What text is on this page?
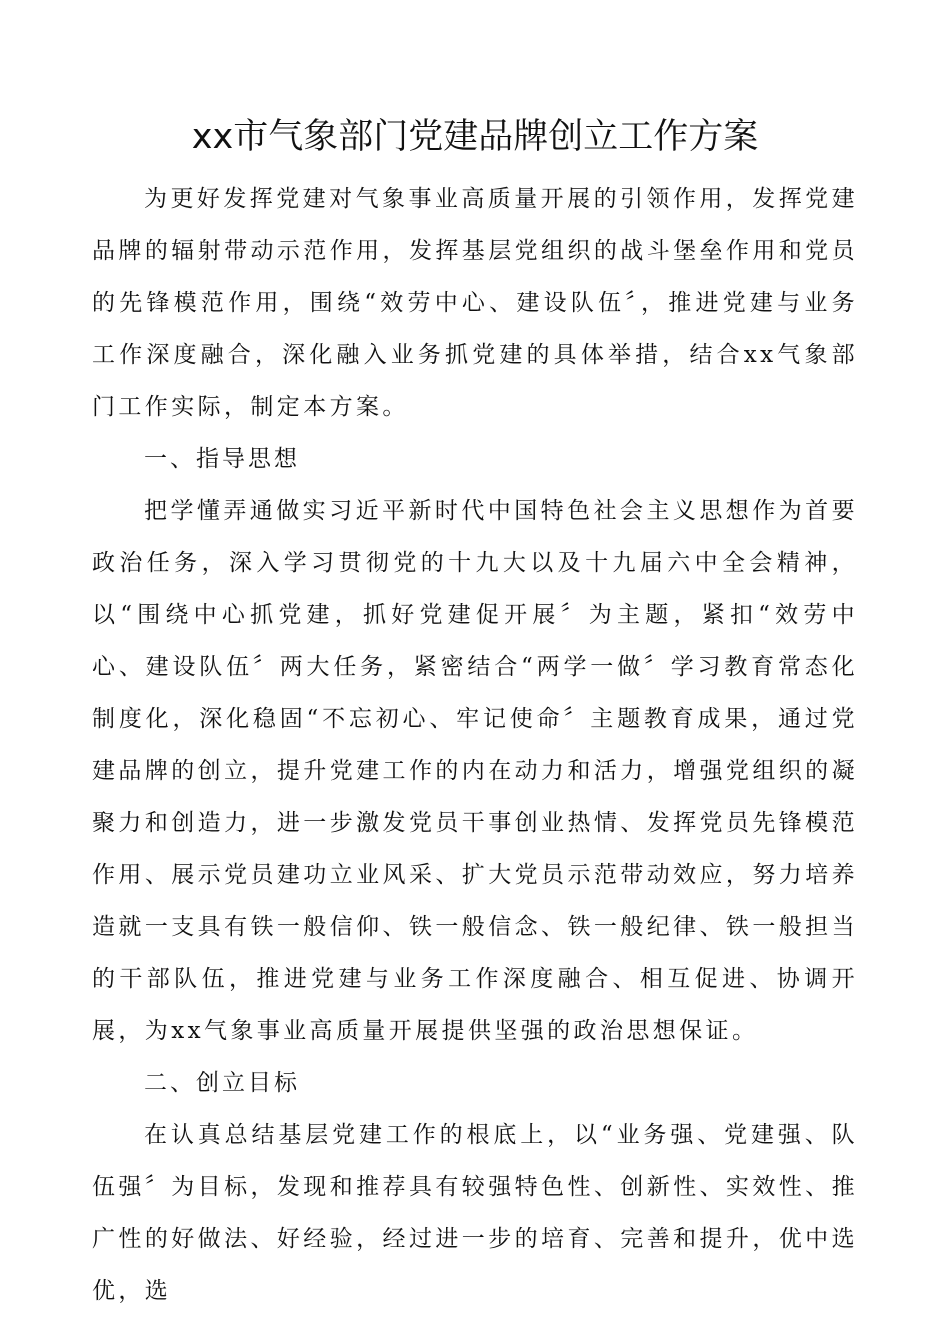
xx市气象部门党建品牌创立工作方案

为更好发挥党建对气象事业高质量开展的引领作用，发挥党建品牌的辐射带动示范作用，发挥基层党组织的战斗堡垒作用和党员的先锋模范作用，围绕“效劳中心、建设队伍〞，推进党建与业务工作深度融合，深化融入业务抓党建的具体举措，结合xx气象部门工作实际，制定本方案。

一、指导思想

把学懂弄通做实习近平新时代中国特色社会主义思想作为首要政治任务，深入学习贯彻党的十九大以及十九届六中全会精神，以“围绕中心抓党建，抓好党建促开展〞为主题，紧扣“效劳中心、建设队伍〞两大任务，紧密结合“两学一做〞学习教育常态化制度化，深化稳固“不忘初心、牢记使命〞主题教育成果，通过党建品牌的创立，提升党建工作的内在动力和活力，增强党组织的凝聚力和创造力，进一步激发党员干事创业热情、发挥党员先锋模范作用、展示党员建功立业风采、扩大党员示范带动效应，努力培养造就一支具有铁一般信仰、铁一般信念、铁一般纪律、铁一般担当的干部队伍，推进党建与业务工作深度融合、相互促进、协调开展，为xx气象事业高质量开展提供坚强的政治思想保证。

二、创立目标

在认真总结基层党建工作的根底上，以“业务强、党建强、队伍强〞为目标，发现和推荐具有较强特色性、创新性、实效性、推广性的好做法、好经验，经过进一步的培育、完善和提升，优中选优，选
